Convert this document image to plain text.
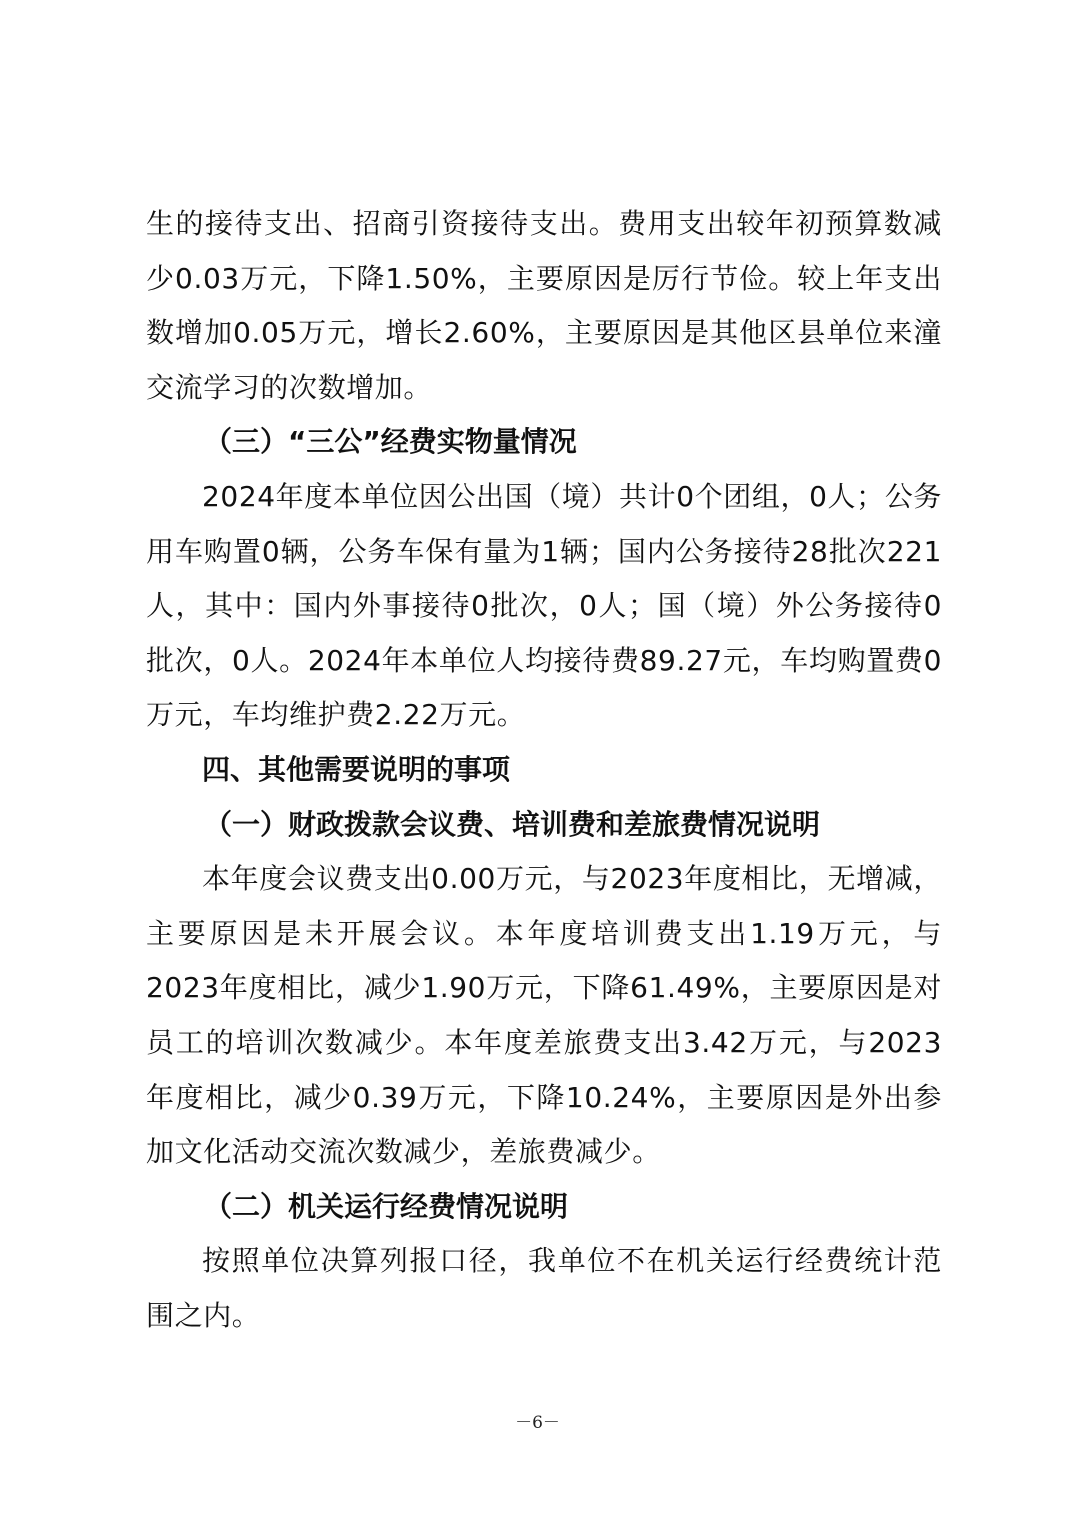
生的接待支出、招商引资接待支出。费用支出较年初预算数减少0.03万元，下降1.50%，主要原因是厉行节俭。较上年支出数增加0.05万元，增长2.60%，主要原因是其他区县单位来潼交流学习的次数增加。

（三）“三公”经费实物量情况

2024年度本单位因公出国（境）共计0个团组，0人；公务用车购置0辆，公务车保有量为1辆；国内公务接待28批次221人，其中：国内外事接待0批次，0人；国（境）外公务接待0批次，0人。2024年本单位人均接待费89.27元，车均购置费0万元，车均维护费2.22万元。

四、其他需要说明的事项

（一）财政拨款会议费、培训费和差旅费情况说明

本年度会议费支出0.00万元，与2023年度相比，无增减，主要原因是未开展会议。本年度培训费支出1.19万元，与2023年度相比，减少1.90万元，下降61.49%，主要原因是对员工的培训次数减少。本年度差旅费支出3.42万元，与2023年度相比，减少0.39万元，下降10.24%，主要原因是外出参加文化活动交流次数减少，差旅费减少。

（二）机关运行经费情况说明

按照单位决算列报口径，我单位不在机关运行经费统计范围之内。

－6－
